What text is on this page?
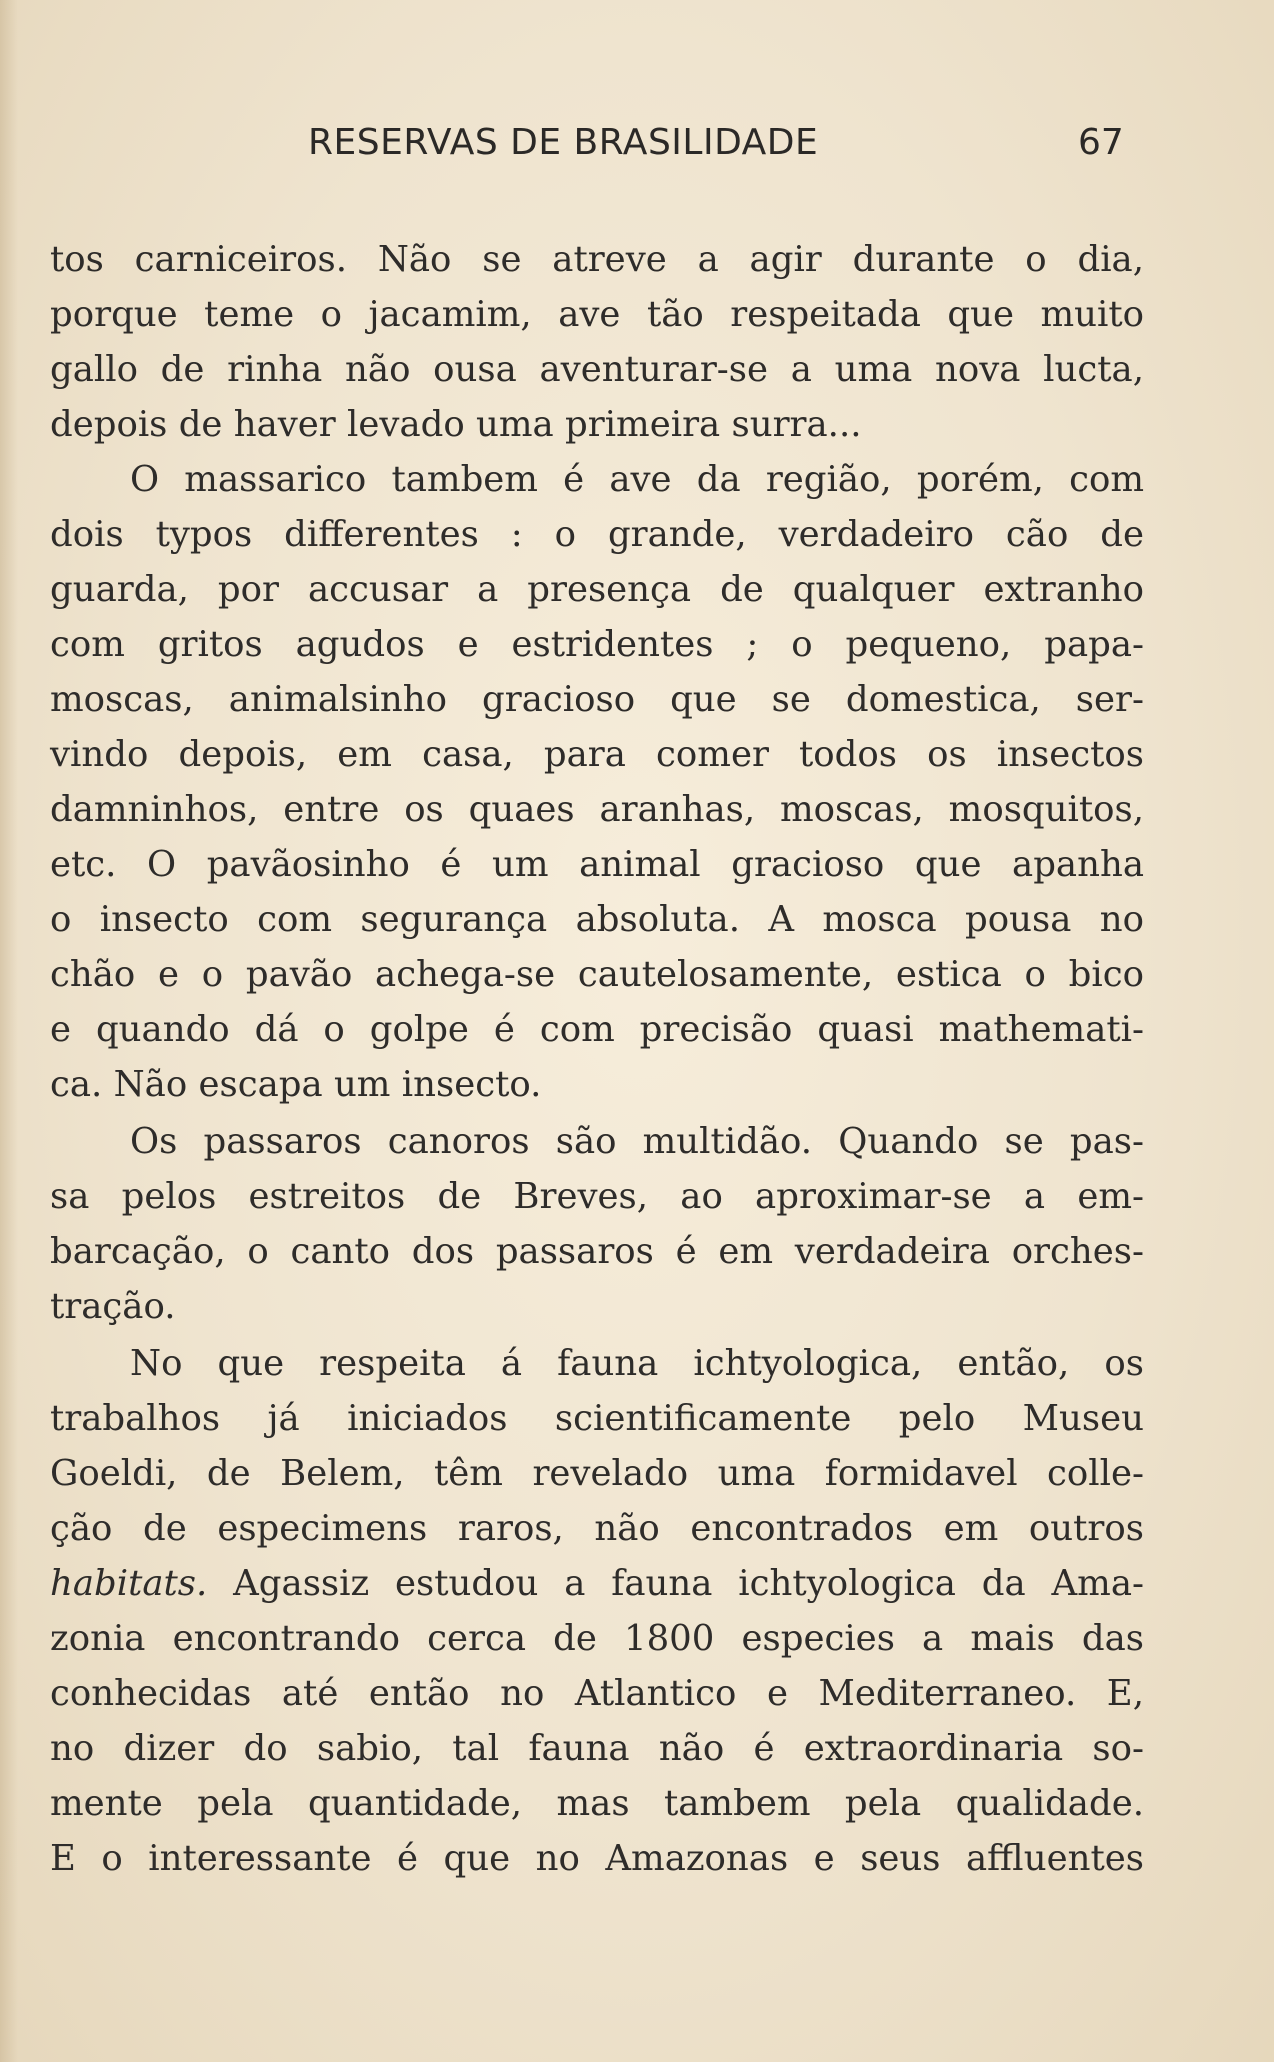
RESERVAS DE BRASILIDADE	67
tos carniceiros. Não se atreve a agir durante o dia,
porque teme o jacamim, ave tão respeitada que muito
gallo de rinha não ousa aventurar-se a uma nova lucta,
depois de haver levado uma primeira surra...
O massarico tambem é ave da região, porém, com
dois typos differentes : o grande, verdadeiro cão de
guarda, por accusar a presença de qualquer extranho
com gritos agudos e estridentes ; o pequeno, papa-
moscas, animalsinho gracioso que se domestica, ser-
vindo depois, em casa, para comer todos os insectos
damninhos, entre os quaes aranhas, moscas, mosquitos,
etc. O pavãosinho é um animal gracioso que apanha
o insecto com segurança absoluta. A mosca pousa no
chão e o pavão achega-se cautelosamente, estica o bico
e quando dá o golpe é com precisão quasi mathemati-
ca. Não escapa um insecto.
Os passaros canoros são multidão. Quando se pas-
sa pelos estreitos de Breves, ao aproximar-se a em-
barcação, o canto dos passaros é em verdadeira orches-
tração.
No que respeita á fauna ichtyologica, então, os
trabalhos já iniciados scientificamente pelo Museu
Goeldi, de Belem, têm revelado uma formidavel colle-
ção de especimens raros, não encontrados em outros
habitats. Agassiz estudou a fauna ichtyologica da Ama-
zonia encontrando cerca de 1800 especies a mais das
conhecidas até então no Atlantico e Mediterraneo. E,
no dizer do sabio, tal fauna não é extraordinaria so-
mente pela quantidade, mas tambem pela qualidade.
E o interessante é que no Amazonas e seus affluentes
